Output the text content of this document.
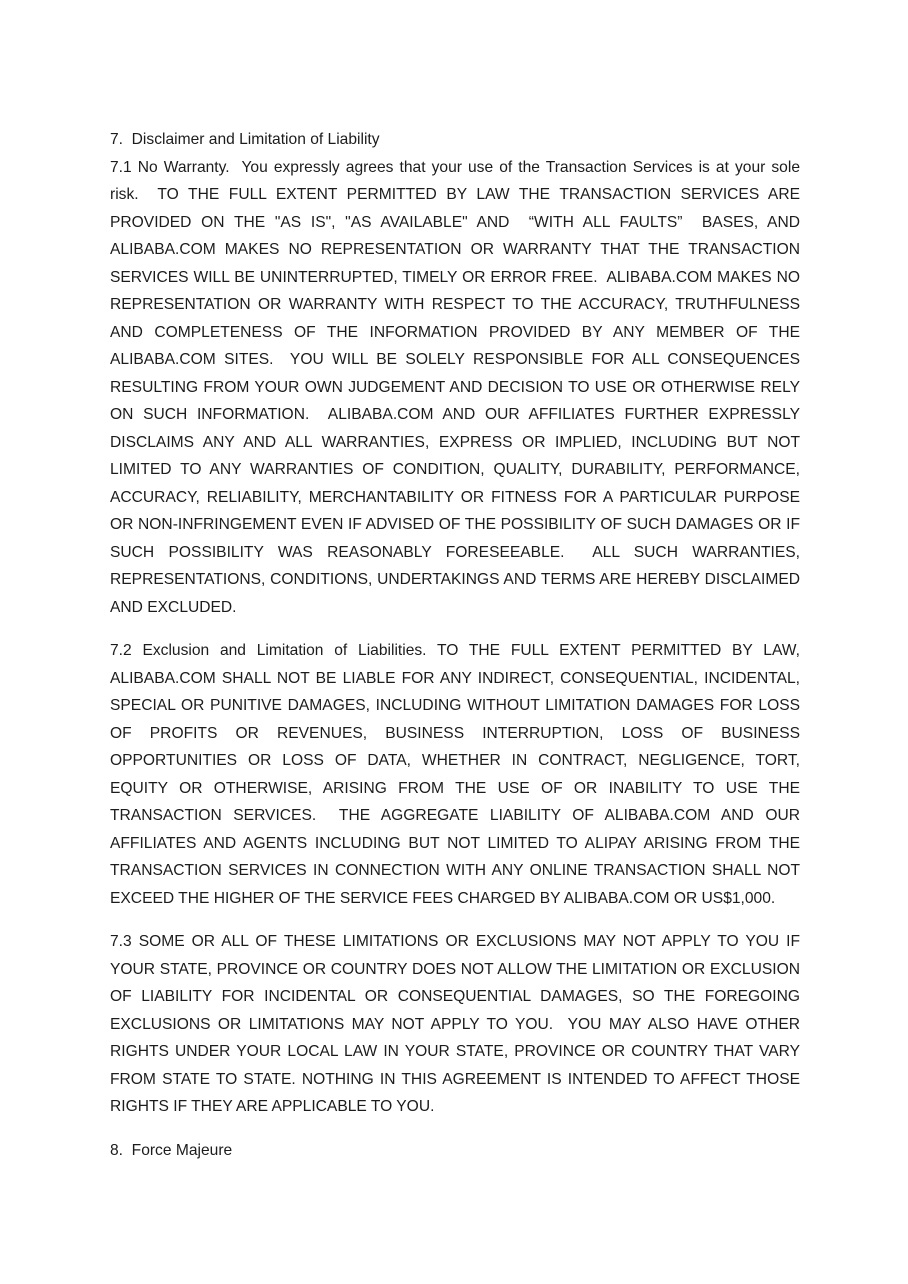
7.  Disclaimer and Limitation of Liability

7.1 No Warranty.  You expressly agrees that your use of the Transaction Services is at your sole risk.  TO THE FULL EXTENT PERMITTED BY LAW THE TRANSACTION SERVICES ARE PROVIDED ON THE "AS IS", "AS AVAILABLE" AND  “WITH ALL FAULTS”  BASES, AND ALIBABA.COM MAKES NO REPRESENTATION OR WARRANTY THAT THE TRANSACTION SERVICES WILL BE UNINTERRUPTED, TIMELY OR ERROR FREE.  ALIBABA.COM MAKES NO REPRESENTATION OR WARRANTY WITH RESPECT TO THE ACCURACY, TRUTHFULNESS AND COMPLETENESS OF THE INFORMATION PROVIDED BY ANY MEMBER OF THE ALIBABA.COM SITES.  YOU WILL BE SOLELY RESPONSIBLE FOR ALL CONSEQUENCES RESULTING FROM YOUR OWN JUDGEMENT AND DECISION TO USE OR OTHERWISE RELY ON SUCH INFORMATION.  ALIBABA.COM AND OUR AFFILIATES FURTHER EXPRESSLY DISCLAIMS ANY AND ALL WARRANTIES, EXPRESS OR IMPLIED, INCLUDING BUT NOT LIMITED TO ANY WARRANTIES OF CONDITION, QUALITY, DURABILITY, PERFORMANCE, ACCURACY, RELIABILITY, MERCHANTABILITY OR FITNESS FOR A PARTICULAR PURPOSE OR NON-INFRINGEMENT EVEN IF ADVISED OF THE POSSIBILITY OF SUCH DAMAGES OR IF SUCH POSSIBILITY WAS REASONABLY FORESEEABLE.  ALL SUCH WARRANTIES, REPRESENTATIONS, CONDITIONS, UNDERTAKINGS AND TERMS ARE HEREBY DISCLAIMED AND EXCLUDED.

7.2 Exclusion and Limitation of Liabilities. TO THE FULL EXTENT PERMITTED BY LAW, ALIBABA.COM SHALL NOT BE LIABLE FOR ANY INDIRECT, CONSEQUENTIAL, INCIDENTAL, SPECIAL OR PUNITIVE DAMAGES, INCLUDING WITHOUT LIMITATION DAMAGES FOR LOSS OF PROFITS OR REVENUES, BUSINESS INTERRUPTION, LOSS OF BUSINESS OPPORTUNITIES OR LOSS OF DATA, WHETHER IN CONTRACT, NEGLIGENCE, TORT, EQUITY OR OTHERWISE, ARISING FROM THE USE OF OR INABILITY TO USE THE TRANSACTION SERVICES.  THE AGGREGATE LIABILITY OF ALIBABA.COM AND OUR AFFILIATES AND AGENTS INCLUDING BUT NOT LIMITED TO ALIPAY ARISING FROM THE TRANSACTION SERVICES IN CONNECTION WITH ANY ONLINE TRANSACTION SHALL NOT EXCEED THE HIGHER OF THE SERVICE FEES CHARGED BY ALIBABA.COM OR US$1,000.

7.3 SOME OR ALL OF THESE LIMITATIONS OR EXCLUSIONS MAY NOT APPLY TO YOU IF YOUR STATE, PROVINCE OR COUNTRY DOES NOT ALLOW THE LIMITATION OR EXCLUSION OF LIABILITY FOR INCIDENTAL OR CONSEQUENTIAL DAMAGES, SO THE FOREGOING EXCLUSIONS OR LIMITATIONS MAY NOT APPLY TO YOU.  YOU MAY ALSO HAVE OTHER RIGHTS UNDER YOUR LOCAL LAW IN YOUR STATE, PROVINCE OR COUNTRY THAT VARY FROM STATE TO STATE. NOTHING IN THIS AGREEMENT IS INTENDED TO AFFECT THOSE RIGHTS IF THEY ARE APPLICABLE TO YOU.

8.  Force Majeure
